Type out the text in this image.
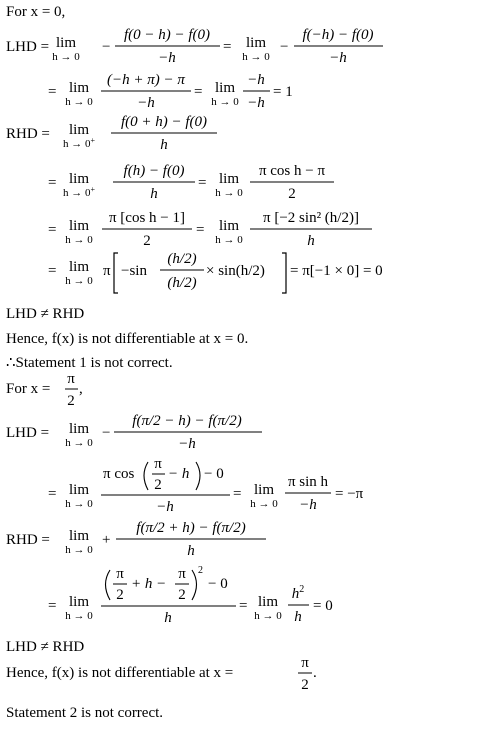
For x = 0,
LHD = lim
h → 0
−
f(0 − h) − f(0)
−h
= lim
h → 0
−
f(−h) − f(0)
−h
= lim
h → 0
(−h + π) − π
−h
= lim
h → 0
−h
−h
= 1
RHD = lim
h → 0+
f(0 + h) − f(0)
h
= lim
h → 0+
f(h) − f(0)
h
= lim
h → 0
π cos h − π
2
= lim
h → 0
π [cos h − 1]
2
= lim
h → 0
π [−2 sin² (h/2)]
h
= lim
h → 0
π −sin
(h/2)
(h/2)
× sin(h/2) = π[−1 × 0] = 0
LHD ≠ RHD
Hence, f(x) is not differentiable at x = 0.
∴Statement 1 is not correct.
For x =
π
2
,
LHD = lim
h → 0
−
f(π/2 − h) − f(π/2)
−h
= lim
h → 0
π cos
π
2
− h − 0
−h
= lim
h → 0
π sin h
−h
= −π
RHD = lim
h → 0
+
f(π/2 + h) − f(π/2)
h
= lim
h → 0
π
2
+ h −
π
2
2
− 0
h
= lim
h → 0
$h^2$
h
= 0
LHD ≠ RHD
Hence, f(x) is not differentiable at x =
π
2
.
Statement 2 is not correct.
